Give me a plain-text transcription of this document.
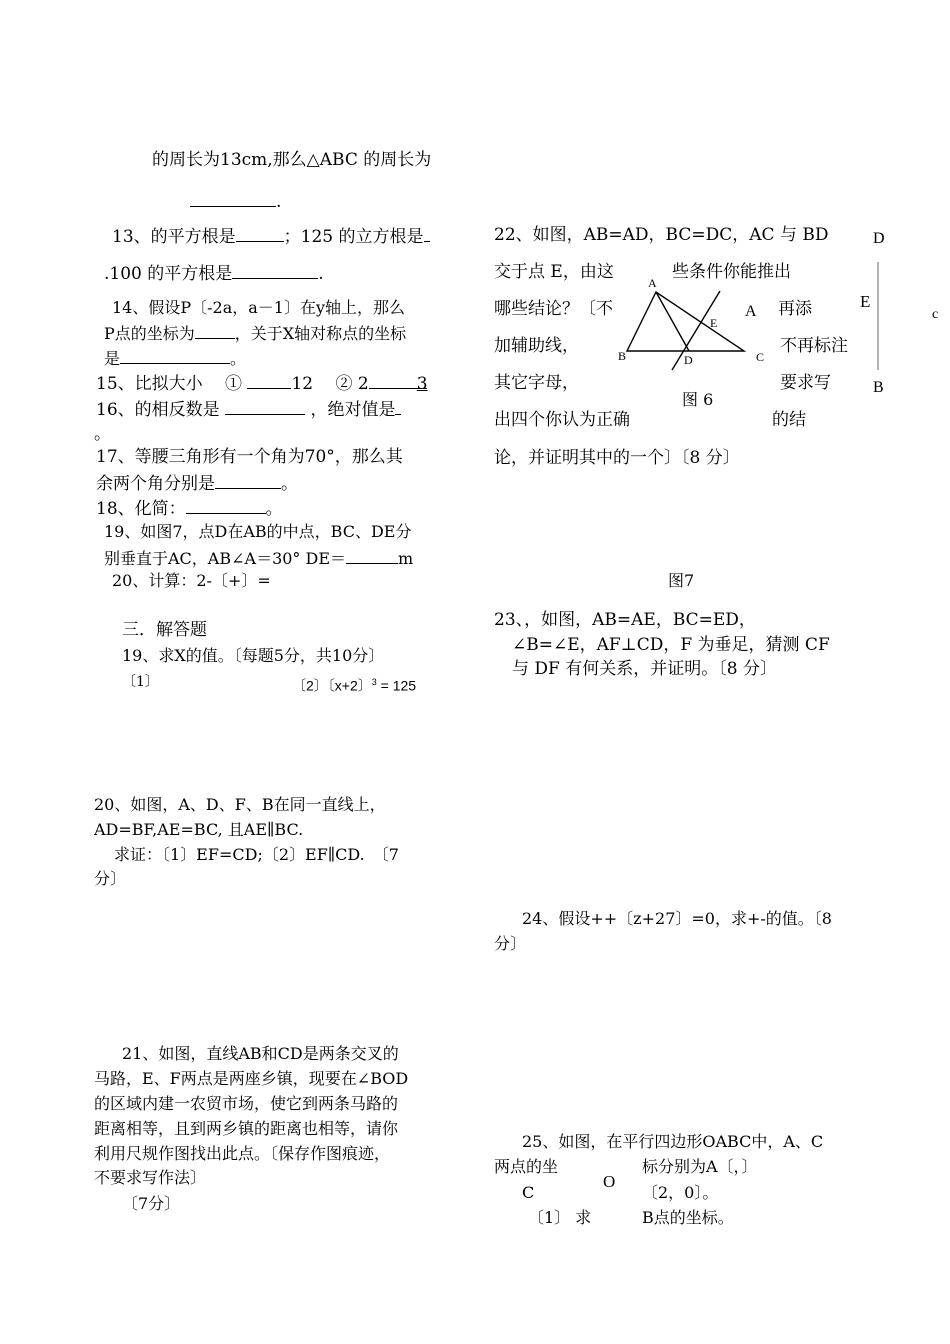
的周长为13cm,那么△ABC 的周长为
.
13、的平方根是	；125 的立方根是
.100 的平方根是	.
14、假设P〔-2a，a－1〕在y轴上，那么
P点的坐标为	，关于X轴对称点的坐标
是	。
15、比拟大小　 ①	12　 ② 2	3
16、的相反数是	，绝对值是
。
17、等腰三角形有一个角为70°，那么其
余两个角分别是	。
18、化简：	。
19、如图7，点D在AB的中点，BC、DE分
别垂直于AC，AB∠A＝30° DE＝	m
20、计算：2-〔+〕=
三．解答题
19、求X的值。〔每题5分，共10分〕
〔1〕	〔2〕〔x+2〕$^3$ = 125
20、如图，A、D、F、B在同一直线上，
AD=BF,AE=BC, 且AE∥BC.
求证：〔1〕EF=CD;〔2〕EF∥CD.　〔7
分〕
21、如图，直线AB和CD是两条交叉的
马路，E、F两点是两座乡镇，现要在∠BOD
的区域内建一农贸市场，使它到两条马路的
距离相等，且到两乡镇的距离也相等，请你
利用尺规作图找出此点。〔保存作图痕迹，
不要求写作法〕
〔7分〕
22、如图，AB=AD，BC=DC，AC 与 BD
交于点 E，由这	些条件你能推出
哪些结论？〔不	再添
加辅助线，	不再标注
其它字母，	要求写
出四个你认为正确	的结
论，并证明其中的一个〕〔8 分〕
图 6
A
B	C
D
E
D
E
A	c
B
图7
23、，如图，AB=AE，BC=ED，
∠B=∠E，AF⊥CD，F 为垂足，猜测 CF
与 DF 有何关系，并证明。〔8 分〕
24、假设++〔z+27〕=0，求+-的值。〔8
分〕
25、如图，在平行四边形OABC中，A、C
两点的坐	标分别为A〔，〕
O
C	〔2，0〕。
〔1〕 求	B点的坐标。
